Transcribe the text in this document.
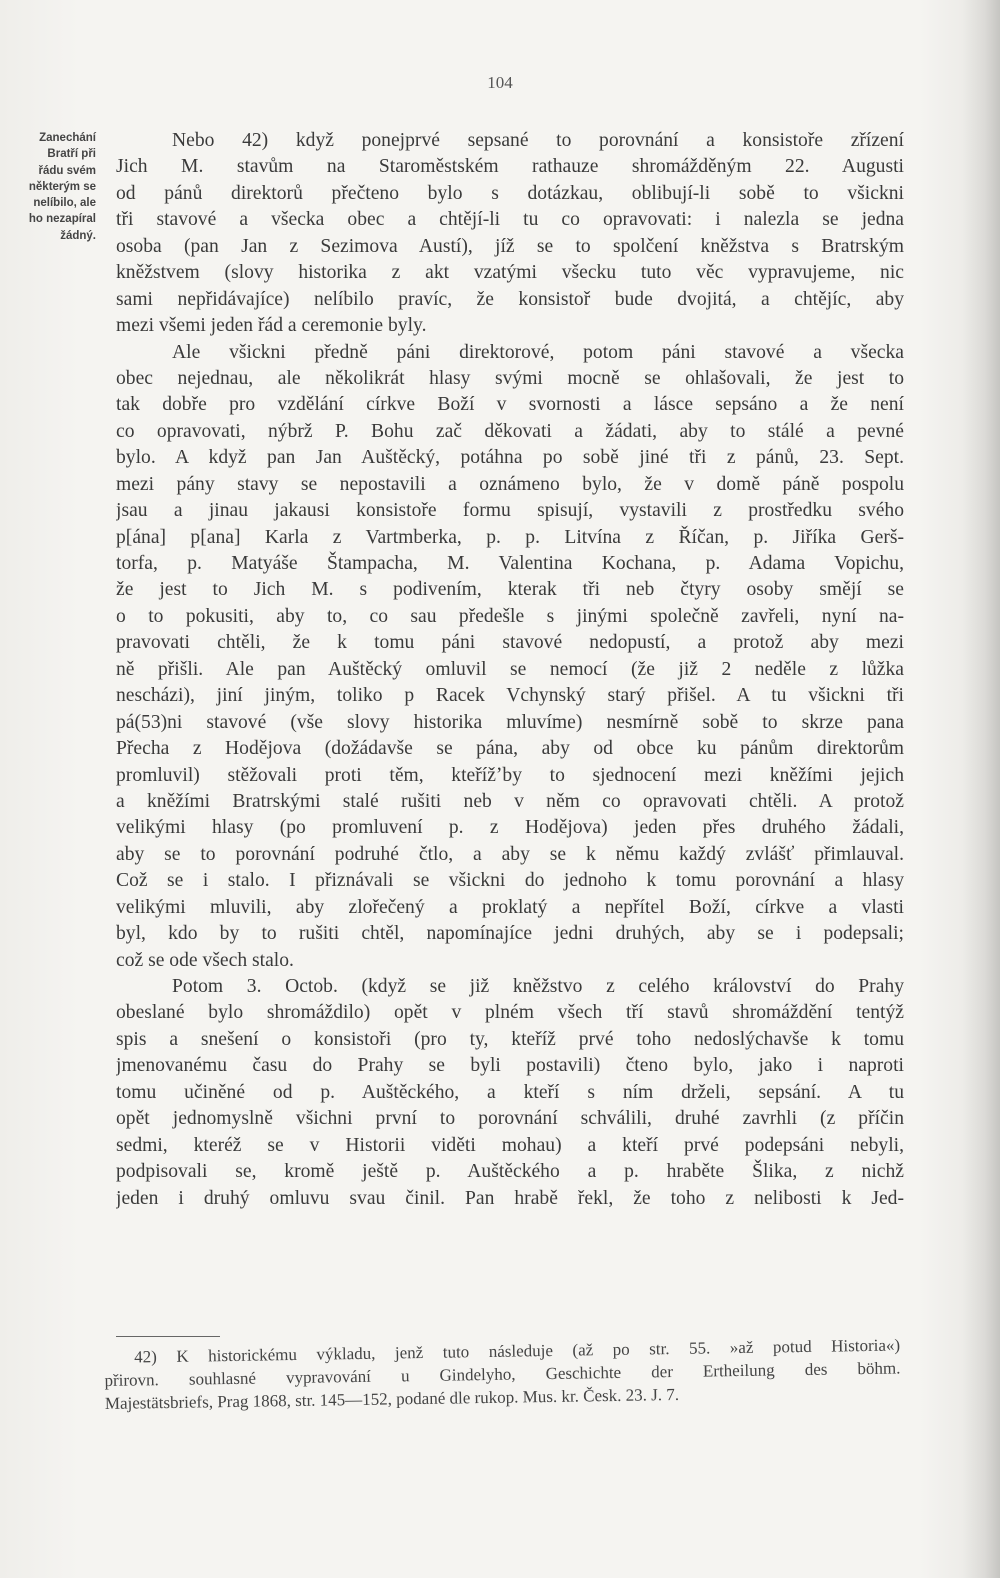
104
Zanechání
Bratří při
řádu svém
některým se
nelíbilo, ale
ho nezapíral
žádný.
Nebo 42) když ponejprvé sepsané to porovnání a konsistoře zřízení
Jich M. stavům na Staroměstském rathauze shromážděným 22. Augusti
od pánů direktorů přečteno bylo s dotázkau, oblibují-li sobě to všickni
tři stavové a všecka obec a chtějí-li tu co opravovati: i nalezla se jedna
osoba (pan Jan z Sezimova Austí), jíž se to spolčení kněžstva s Bratrským
kněžstvem (slovy historika z akt vzatými všecku tuto věc vypravujeme, nic
sami nepřidávajíce) nelíbilo pravíc, že konsistoř bude dvojitá, a chtějíc, aby
mezi všemi jeden řád a ceremonie byly.
Ale všickni předně páni direktorové, potom páni stavové a všecka
obec nejednau, ale několikrát hlasy svými mocně se ohlašovali, že jest to
tak dobře pro vzdělání církve Boží v svornosti a lásce sepsáno a že není
co opravovati, nýbrž P. Bohu zač děkovati a žádati, aby to stálé a pevné
bylo. A když pan Jan Auštěcký, potáhna po sobě jiné tři z pánů, 23. Sept.
mezi pány stavy se nepostavili a oznámeno bylo, že v domě páně pospolu
jsau a jinau jakausi konsistoře formu spisují, vystavili z prostředku svého
p[ána] p[ana] Karla z Vartmberka, p. p. Litvína z Říčan, p. Jiříka Gerš-
torfa, p. Matyáše Štampacha, M. Valentina Kochana, p. Adama Vopichu,
že jest to Jich M. s podivením, kterak tři neb čtyry osoby smějí se
o to pokusiti, aby to, co sau předešle s jinými společně zavřeli, nyní na-
pravovati chtěli, že k tomu páni stavové nedopustí, a protož aby mezi
ně přišli. Ale pan Auštěcký omluvil se nemocí (že již 2 neděle z lůžka
nescházi), jiní jiným, toliko p Racek Vchynský starý přišel. A tu všickni tři
pá(53)ni stavové (vše slovy historika mluvíme) nesmírně sobě to skrze pana
Přecha z Hodějova (dožádavše se pána, aby od obce ku pánům direktorům
promluvil) stěžovali proti těm, kteřížʼby to sjednocení mezi kněžími jejich
a kněžími Bratrskými stalé rušiti neb v něm co opravovati chtěli. A protož
velikými hlasy (po promluvení p. z Hodějova) jeden přes druhého žádali,
aby se to porovnání podruhé čtlo, a aby se k němu každý zvlášť přimlauval.
Což se i stalo. I přiznávali se všickni do jednoho k tomu porovnání a hlasy
velikými mluvili, aby zlořečený a proklatý a nepřítel Boží, církve a vlasti
byl, kdo by to rušiti chtěl, napomínajíce jedni druhých, aby se i podepsali;
což se ode všech stalo.
Potom 3. Octob. (když se již kněžstvo z celého království do Prahy
obeslané bylo shromáždilo) opět v plném všech tří stavů shromáždění tentýž
spis a snešení o konsistoři (pro ty, kteříž prvé toho nedoslýchavše k tomu
jmenovanému času do Prahy se byli postavili) čteno bylo, jako i naproti
tomu učiněné od p. Auštěckého, a kteří s ním drželi, sepsání. A tu
opět jednomyslně všichni první to porovnání schválili, druhé zavrhli (z příčin
sedmi, kteréž se v Historii viděti mohau) a kteří prvé podepsáni nebyli,
podpisovali se, kromě ještě p. Auštěckého a p. hraběte Šlika, z nichž
jeden i druhý omluvu svau činil. Pan hrabě řekl, že toho z nelibosti k Jed-
42) K historickému výkladu, jenž tuto následuje (až po str. 55. »až potud Historia«)
přirovn. souhlasné vypravování u Gindelyho, Geschichte der Ertheilung des böhm.
Majestätsbriefs, Prag 1868, str. 145—152, podané dle rukop. Mus. kr. Česk. 23. J. 7.
